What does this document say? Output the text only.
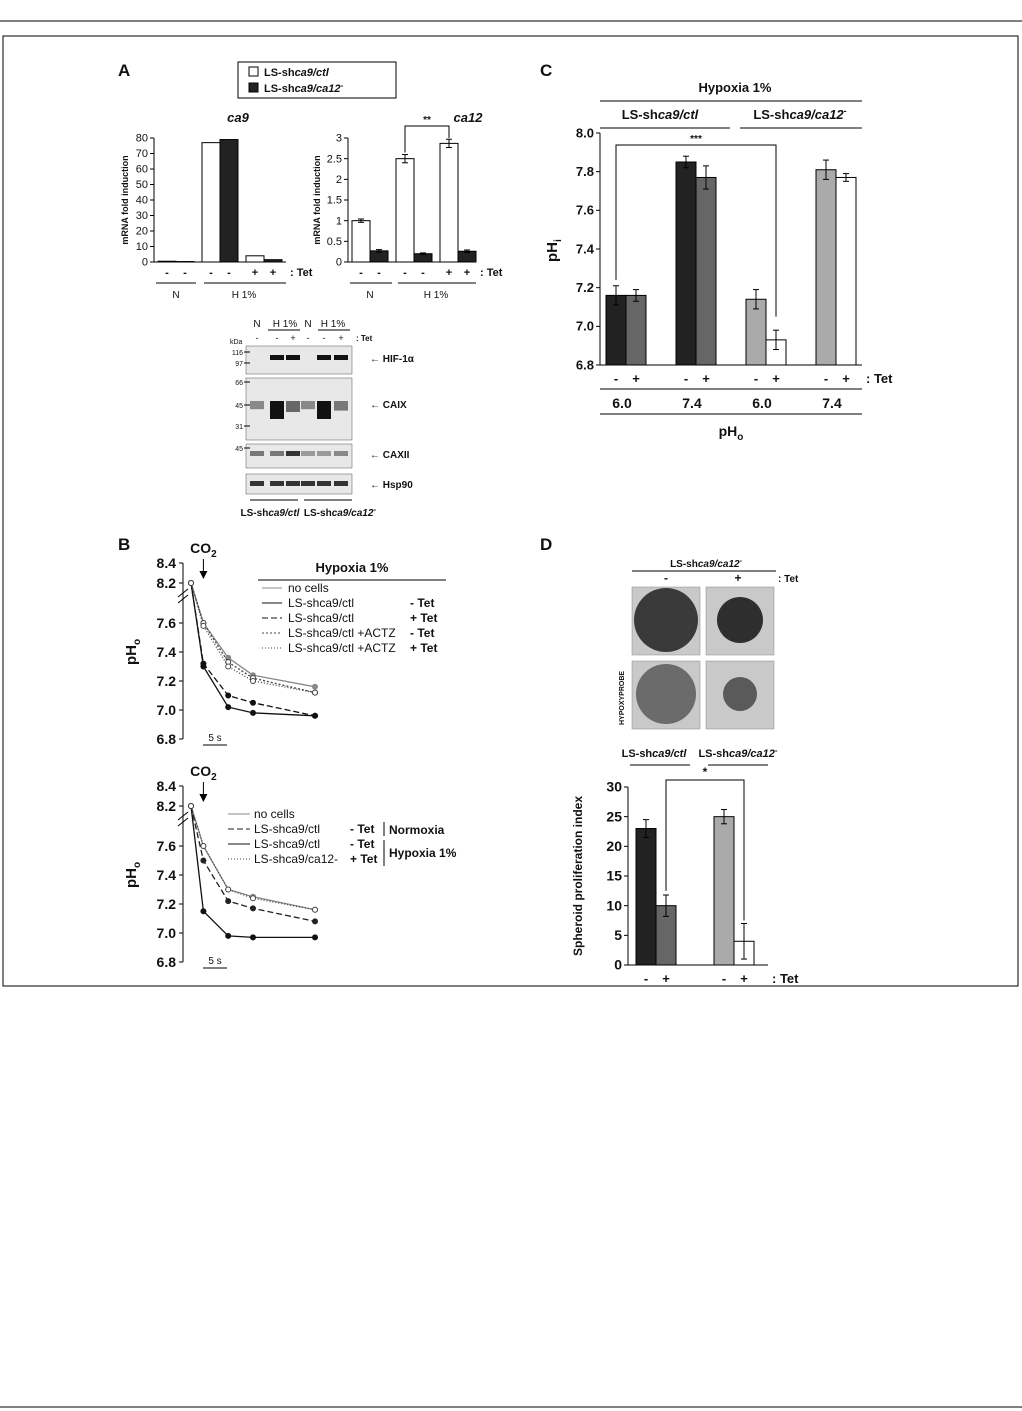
A	C
B	D
LS-shca9/ctl
LS-shca9/ca12-
0
10
20
30
40
50
60
70
80
- - - - + + : Tet
ca9
mRNA fold induction
N	H 1%
0
0.5
1
1.5
2
2.5
3
- - - - + + : Tet
ca12
mRNA fold induction
**
N	H 1%
kDa
N H 1% N H 1%
- - + - - + : Tet
← HIF-1α
← CAIX
← CAXII
← Hsp90
116
97
66
45
31
45
LS-shca9/ctl LS-shca9/ca12-
6.8
7.0
7.2
7.4
7.6
7.8
8.0
- +	- +	- +	- + : Tet
Hypoxia 1%
LS-shca9/ctl	LS-shca9/ca12-
$pH_i$
***
6.0	7.4	6.0	7.4
$pH_o$
6.8
7.0
7.2
7.4
7.6
8.2
8.4
$pH_o$
$CO_2$
5 s
Hypoxia 1%
no cells
LS-shca9/ctl	- Tet
LS-shca9/ctl	+ Tet
LS-shca9/ctl +ACTZ - Tet
LS-shca9/ctl +ACTZ + Tet
6.8
7.0
7.2
7.4
7.6
8.2
8.4
$pH_o$
$CO_2$
5 s
no cells
LS-shca9/ctl - Tet
LS-shca9/ctl - Tet
LS-shca9/ca12- + Tet
Normoxia
Hypoxia 1%
LS-shca9/ca12-
-	+	: Tet
HYPOXYPROBE
0
5
10
15
20
25
30
- +	- + : Tet
Spheroid proliferation index
LS-shca9/ctl LS-shca9/ca12-
*
